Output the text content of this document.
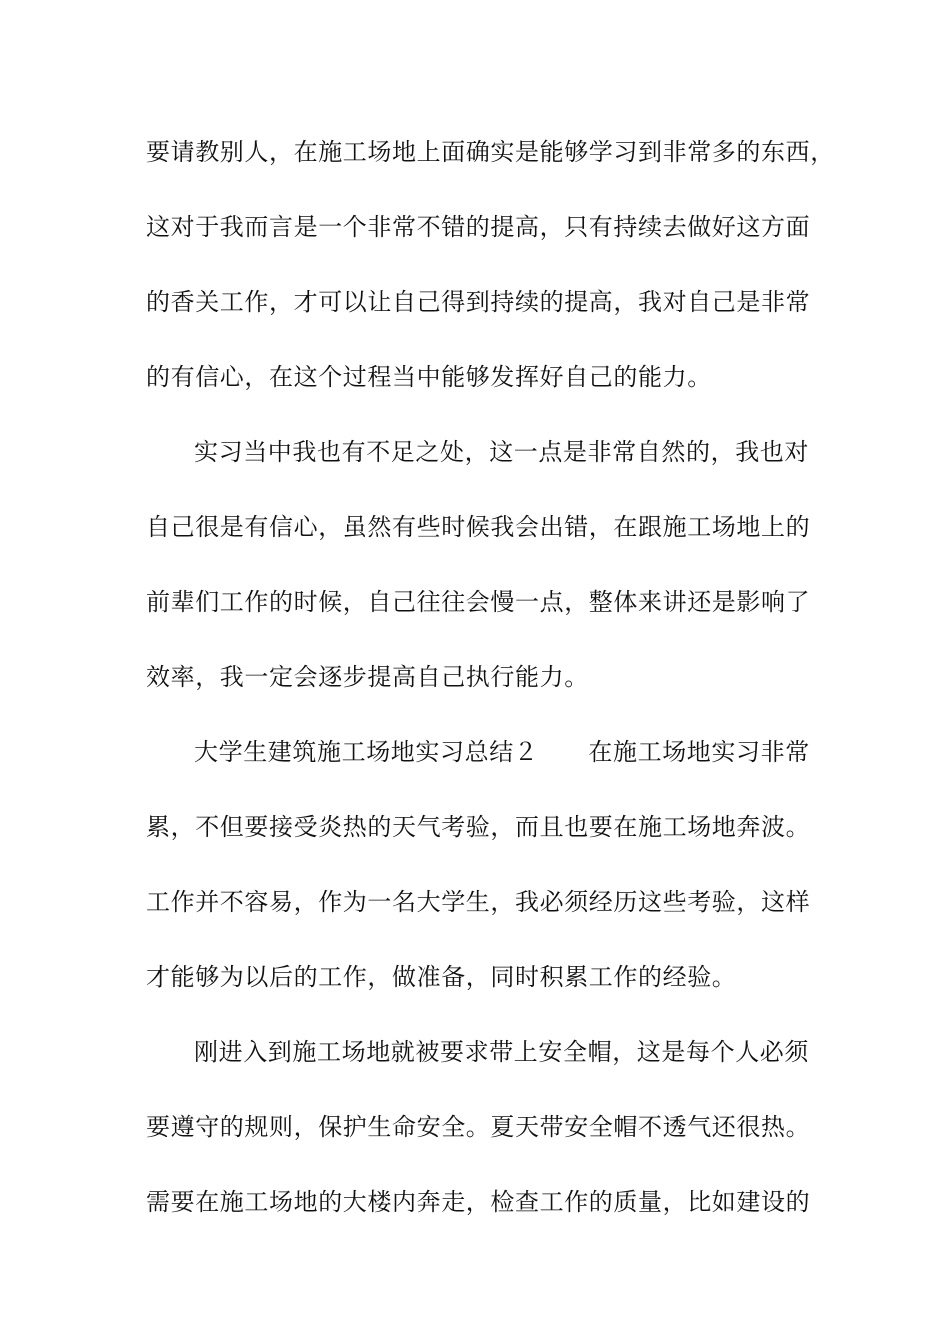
要请教别人，在施工场地上面确实是能够学习到非常多的东西，
这对于我而言是一个非常不错的提高，只有持续去做好这方面
的香关工作，才可以让自己得到持续的提高，我对自己是非常
的有信心，在这个过程当中能够发挥好自己的能力。
实习当中我也有不足之处，这一点是非常自然的，我也对
自己很是有信心，虽然有些时候我会出错，在跟施工场地上的
前辈们工作的时候，自己往往会慢一点，整体来讲还是影响了
效率，我一定会逐步提高自己执行能力。
大学生建筑施工场地实习总结２ 在施工场地实习非常
累，不但要接受炎热的天气考验，而且也要在施工场地奔波。
工作并不容易，作为一名大学生，我必须经历这些考验，这样
才能够为以后的工作，做准备，同时积累工作的经验。
刚进入到施工场地就被要求带上安全帽，这是每个人必须
要遵守的规则，保护生命安全。夏天带安全帽不透气还很热。
需要在施工场地的大楼内奔走，检查工作的质量，比如建设的
